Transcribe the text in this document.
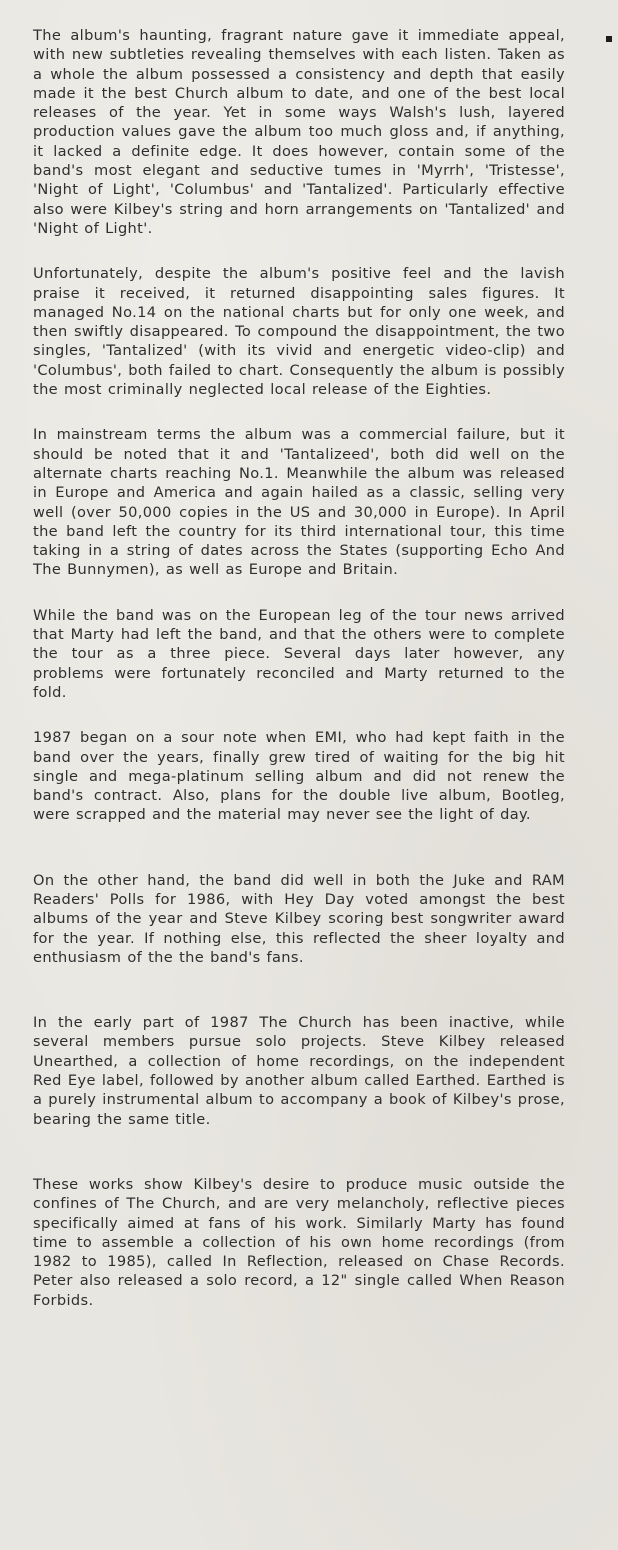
The album's haunting, fragrant nature gave it immediate appeal, with new subtleties revealing themselves with each listen. Taken as a whole the album possessed a consistency and depth that easily made it the best Church album to date, and one of the best local releases of the year. Yet in some ways Walsh's lush, layered production values gave the album too much gloss and, if anything, it lacked a definite edge. It does however, contain some of the band's most elegant and seductive tumes in 'Myrrh', 'Tristesse', 'Night of Light', 'Columbus' and 'Tantalized'. Particularly effective also were Kilbey's string and horn arrangements on 'Tantalized' and 'Night of Light'.

Unfortunately, despite the album's positive feel and the lavish praise it received, it returned disappointing sales figures. It managed No.14 on the national charts but for only one week, and then swiftly disappeared. To compound the disappointment, the two singles, 'Tantalized' (with its vivid and energetic video-clip) and 'Columbus', both failed to chart. Consequently the album is possibly the most criminally neglected local release of the Eighties.

In mainstream terms the album was a commercial failure, but it should be noted that it and 'Tantalizeed', both did well on the alternate charts reaching No.1. Meanwhile the album was released in Europe and America and again hailed as a classic, selling very well (over 50,000 copies in the US and 30,000 in Europe). In April the band left the country for its third international tour, this time taking in a string of dates across the States (supporting Echo And The Bunnymen), as well as Europe and Britain.

While the band was on the European leg of the tour news arrived that Marty had left the band, and that the others were to complete the tour as a three piece. Several days later however, any problems were fortunately reconciled and Marty returned to the fold.

1987 began on a sour note when EMI, who had kept faith in the band over the years, finally grew tired of waiting for the big hit single and mega-platinum selling album and did not renew the band's contract. Also, plans for the double live album, Bootleg, were scrapped and the material may never see the light of day.

On the other hand, the band did well in both the Juke and RAM Readers' Polls for 1986, with Hey Day voted amongst the best albums of the year and Steve Kilbey scoring best songwriter award for the year. If nothing else, this reflected the sheer loyalty and enthusiasm of the the band's fans.

In the early part of 1987 The Church has been inactive, while several members pursue solo projects. Steve Kilbey released Unearthed, a collection of home recordings, on the independent Red Eye label, followed by another album called Earthed. Earthed is a purely instrumental album to accompany a book of Kilbey's prose, bearing the same title.

These works show Kilbey's desire to produce music outside the confines of The Church, and are very melancholy, reflective pieces specifically aimed at fans of his work. Similarly Marty has found time to assemble a collection of his own home recordings (from 1982 to 1985), called In Reflection, released on Chase Records. Peter also released a solo record, a 12" single called When Reason Forbids.
